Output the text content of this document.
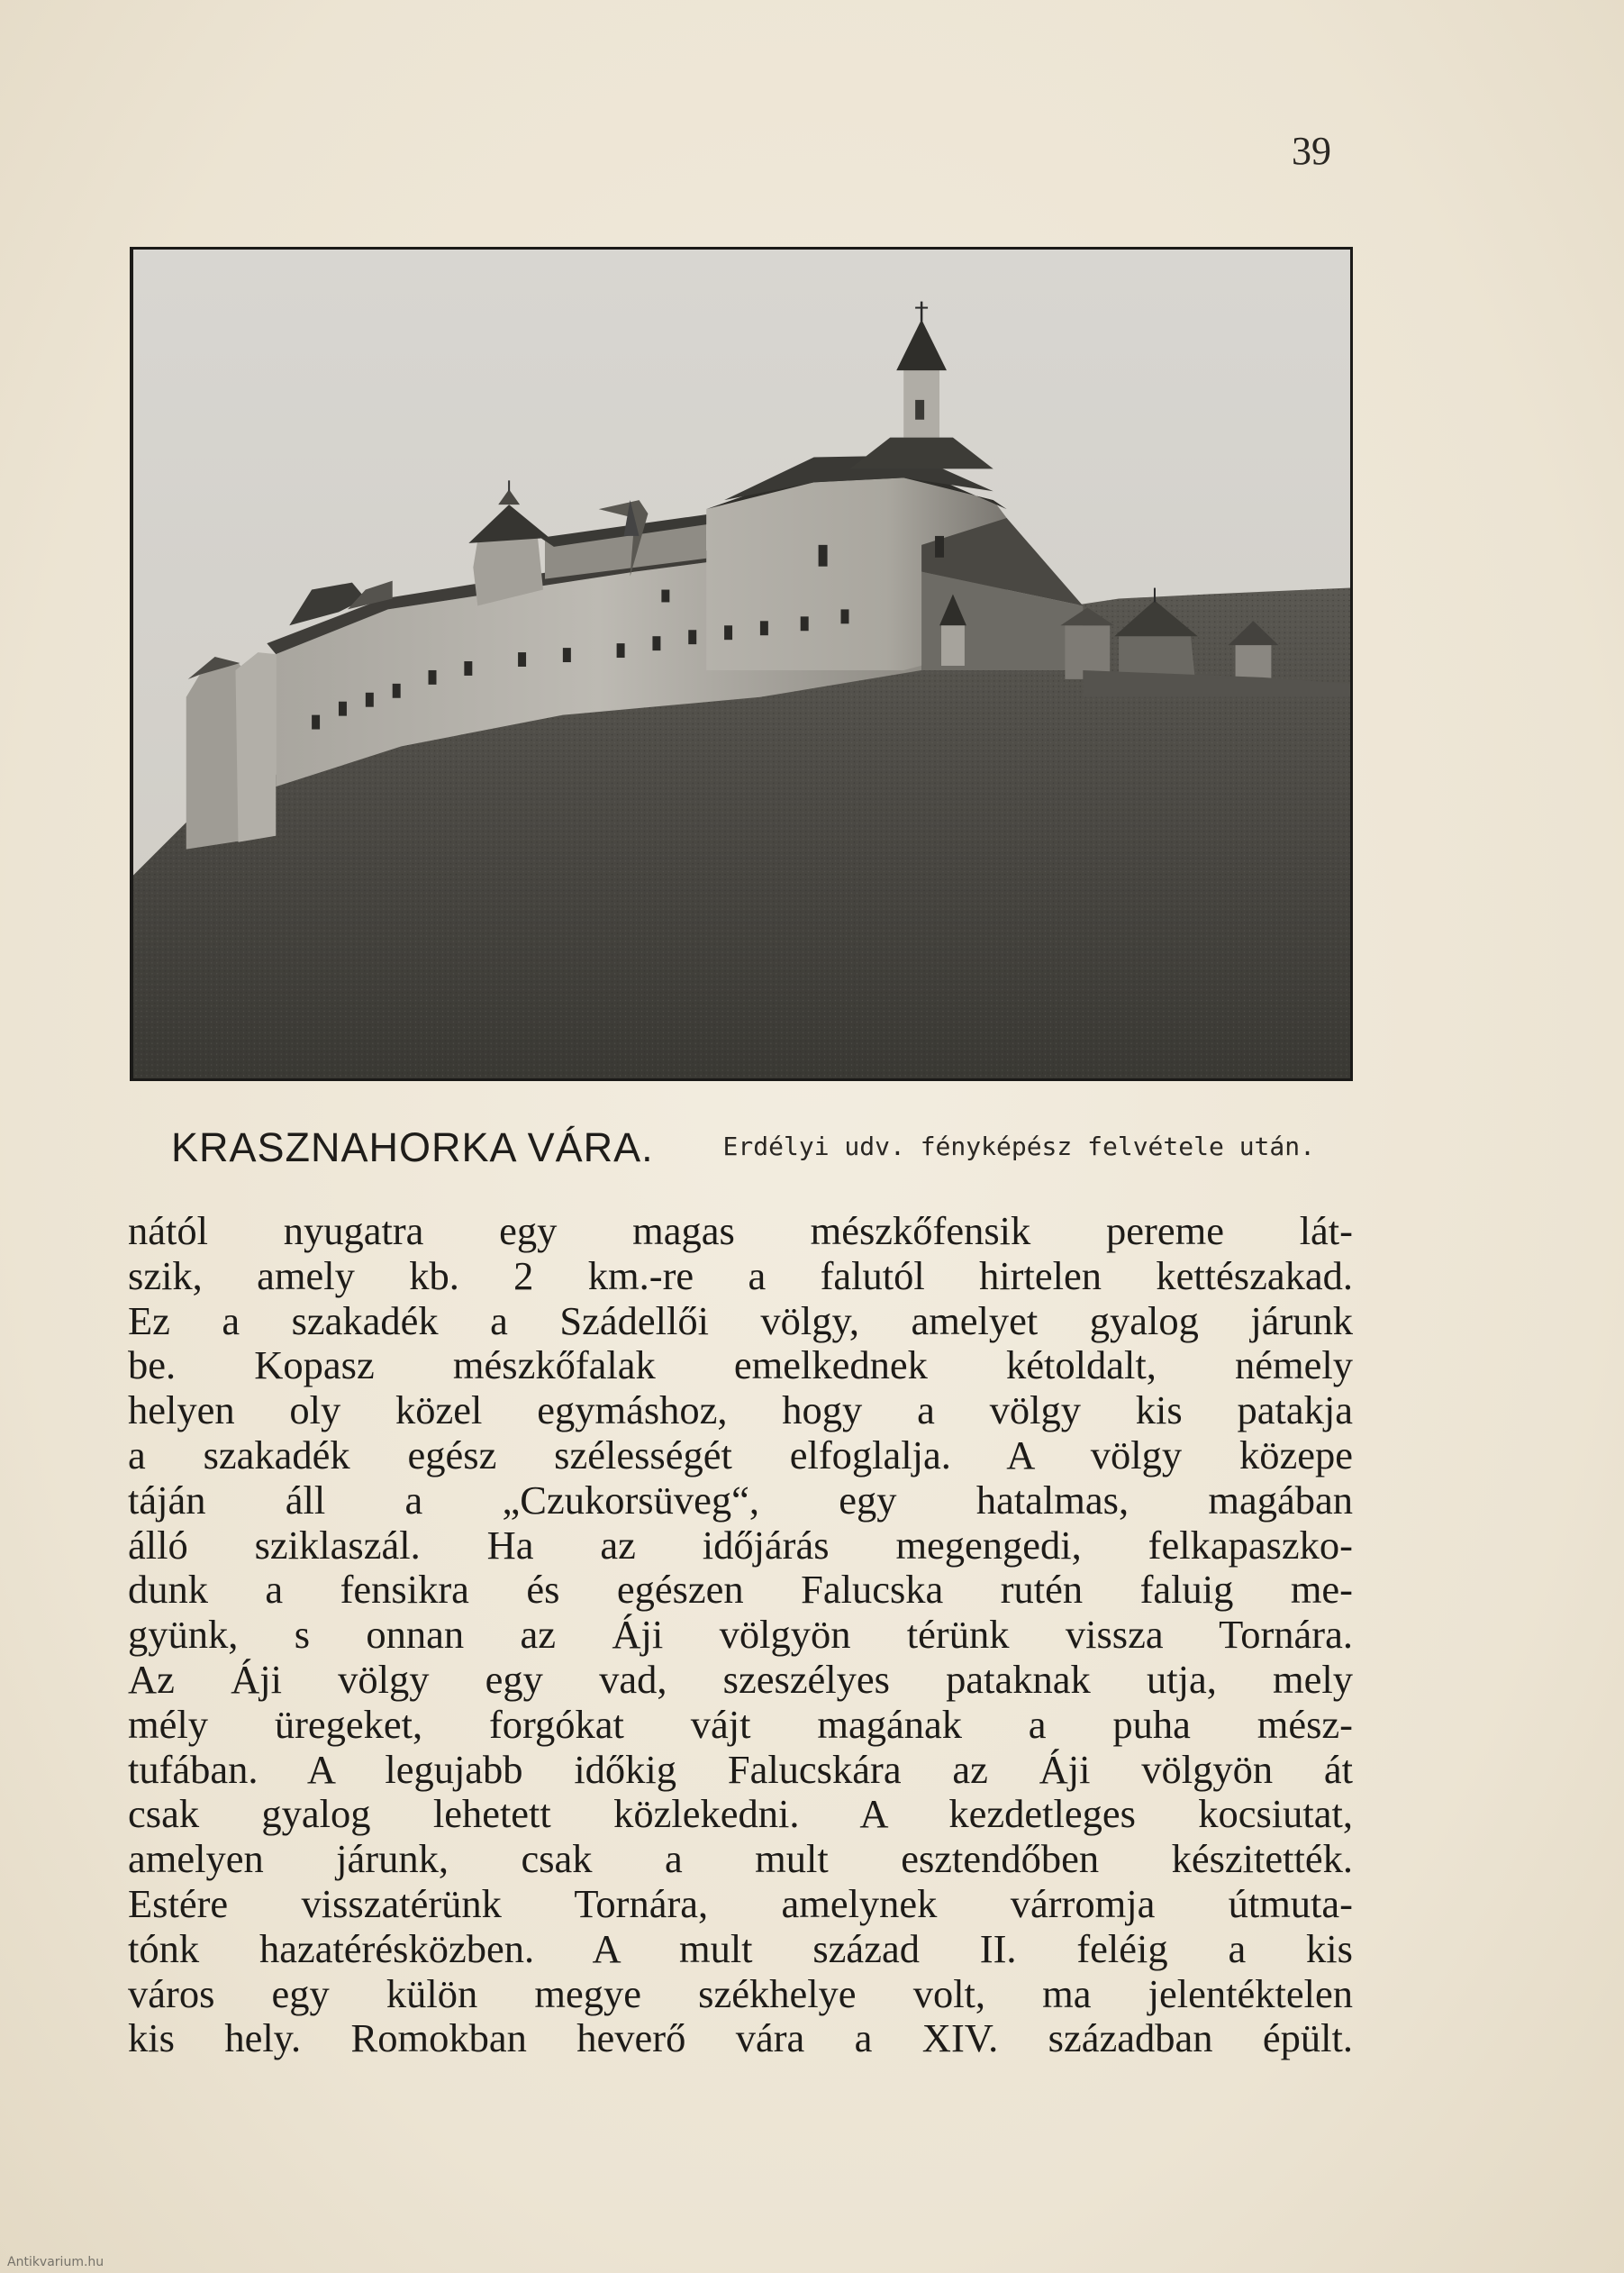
39
KRASZNAHORKA VÁRA.	Erdélyi udv. fényképész felvétele után.
nától nyugatra egy magas mészkőfensik pereme lát-
szik, amely kb. 2 km.-re a falutól hirtelen kettészakad.
Ez a szakadék a Szádellői völgy, amelyet gyalog járunk
be. Kopasz mészkőfalak emelkednek kétoldalt, némely
helyen oly közel egymáshoz, hogy a völgy kis patakja
a szakadék egész szélességét elfoglalja. A völgy közepe
táján áll a „Czukorsüveg“, egy hatalmas, magában
álló sziklaszál. Ha az időjárás megengedi, felkapaszko-
dunk a fensikra és egészen Falucska rutén faluig me-
gyünk, s onnan az Áji völgyön térünk vissza Tornára.
Az Áji völgy egy vad, szeszélyes pataknak utja, mely
mély üregeket, forgókat vájt magának a puha mész-
tufában. A legujabb időkig Falucskára az Áji völgyön át
csak gyalog lehetett közlekedni. A kezdetleges kocsiutat,
amelyen járunk, csak a mult esztendőben készitették.
Estére visszatérünk Tornára, amelynek várromja útmuta-
tónk hazatérésközben. A mult század II. feléig a kis
város egy külön megye székhelye volt, ma jelentéktelen
kis hely. Romokban heverő vára a XIV. században épült.
Antikvarium.hu
